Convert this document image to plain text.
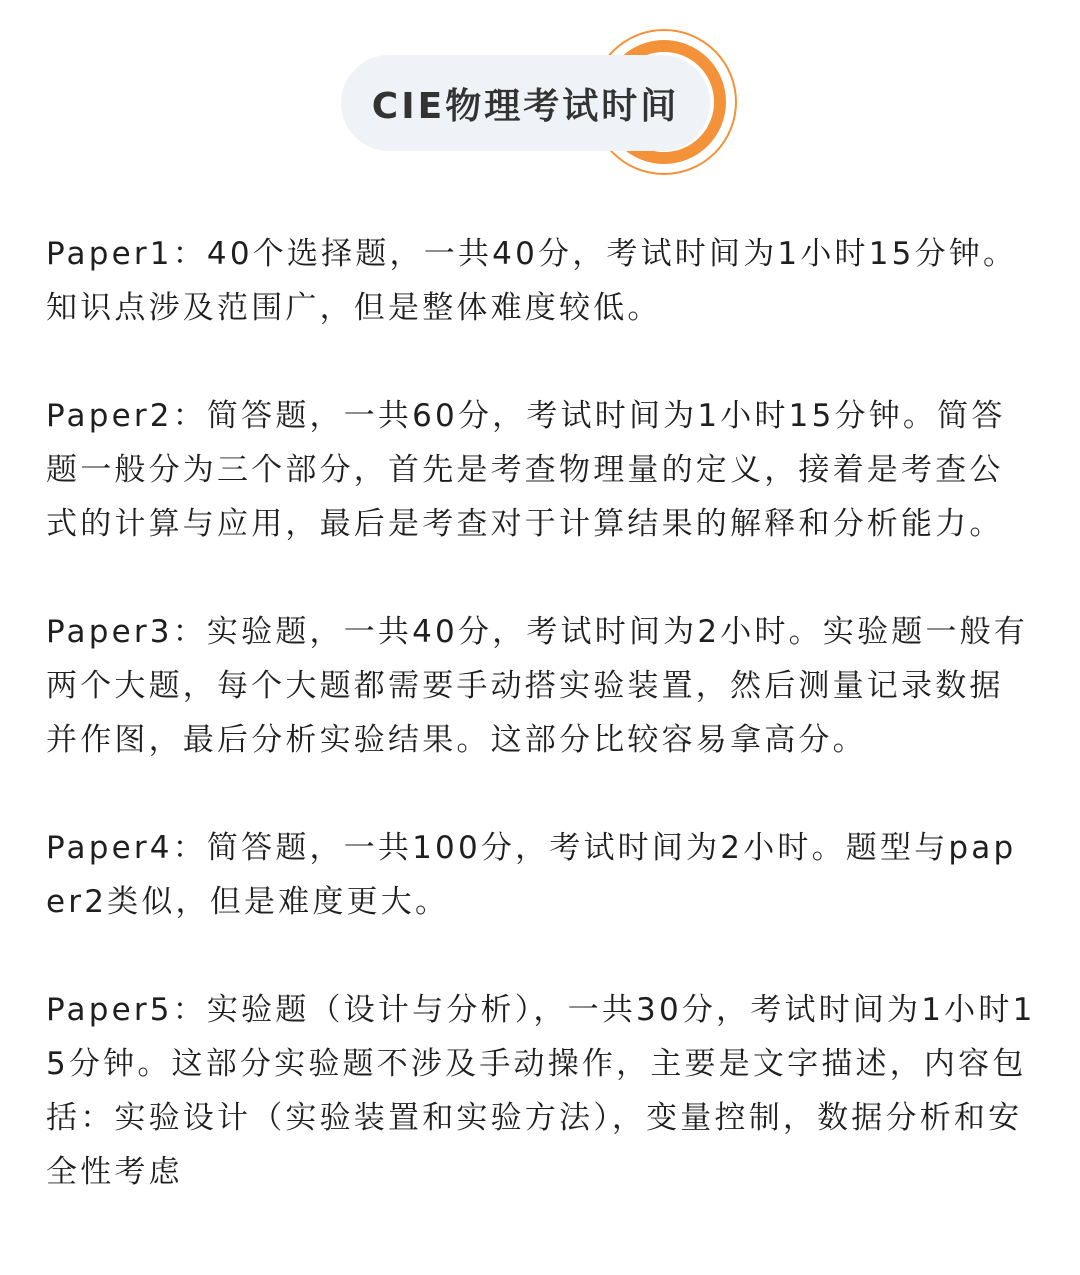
CIE物理考试时间

Paper1：40个选择题，一共40分，考试时间为1小时15分钟。知识点涉及范围广，但是整体难度较低。

Paper2：简答题，一共60分，考试时间为1小时15分钟。简答题一般分为三个部分，首先是考查物理量的定义，接着是考查公式的计算与应用，最后是考查对于计算结果的解释和分析能力。

Paper3：实验题，一共40分，考试时间为2小时。实验题一般有两个大题，每个大题都需要手动搭实验装置，然后测量记录数据并作图，最后分析实验结果。这部分比较容易拿高分。

Paper4：简答题，一共100分，考试时间为2小时。题型与paper2类似，但是难度更大。

Paper5：实验题（设计与分析），一共30分，考试时间为1小时15分钟。这部分实验题不涉及手动操作，主要是文字描述，内容包括：实验设计（实验装置和实验方法），变量控制，数据分析和安全性考虑
